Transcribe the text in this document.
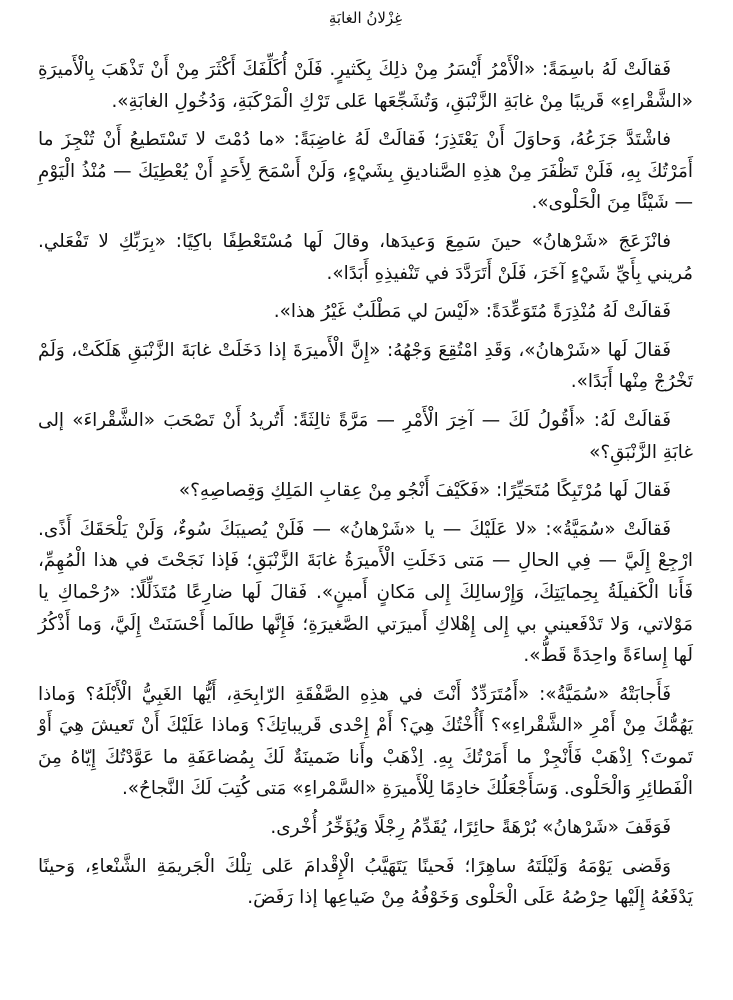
غِزْلانُ الغابَةِ

فَقالَتْ لَهُ باسِمَةً: «الْأَمْرُ أَيْسَرُ مِنْ ذلِكَ بِكَثيرٍ. فَلَنْ أُكَلِّفَكَ أَكْثَرَ مِنْ أَنْ تَذْهَبَ بِالْأَميرَةِ «الشَّقْراءِ» قَريبًا مِنْ غابَةِ الزَّنْبَقِ، وَتُشَجِّعَها عَلى تَرْكِ الْمَرْكَبَةِ، وَدُخُولِ الغابَةِ».

فاشْتَدَّ جَزَعُهُ، وَحاوَلَ أَنْ يَعْتَذِرَ؛ فَقالَتْ لَهُ غاضِبَةً: «ما دُمْتَ لا تَسْتَطيعُ أَنْ تُنْجِزَ ما أَمَرْتُكَ بِهِ، فَلَنْ تَظْفَرَ مِنْ هذِهِ الصَّناديقِ بِشَيْءٍ، وَلَنْ أَسْمَحَ لِأَحَدٍ أَنْ يُعْطِيَكَ — مُنْذُ الْيَوْمِ — شَيْئًا مِنَ الْحَلْوى».

فانْزَعَجَ «شَرْهانُ» حينَ سَمِعَ وَعيدَها، وقالَ لَها مُسْتَعْطِفًا باكِيًا: «بِرَبِّكِ لا تَفْعَلي. مُريني بِأَيِّ شَيْءٍ آخَرَ، فَلَنْ أَتَرَدَّدَ في تَنْفيذِهِ أَبَدًا».

فَقالَتْ لَهُ مُنْذِرَةً مُتَوَعِّدَةً: «لَيْسَ لي مَطْلَبٌ غَيْرُ هذا».

فَقالَ لَها «شَرْهانُ»، وَقَدِ امْتُقِعَ وَجْهُهُ: «إِنَّ الْأَميرَةَ إذا دَخَلَتْ غابَةَ الزَّنْبَقِ هَلَكَتْ، وَلَمْ تَخْرُجْ مِنْها أَبَدًا».

فَقالَتْ لَهُ: «أَقُولُ لَكَ — آخِرَ الْأَمْرِ — مَرَّةً ثالِثَةً: أَتُريدُ أَنْ تَصْحَبَ «الشَّقْراءَ» إلى غابَةِ الزَّنْبَقِ؟»

فَقالَ لَها مُرْتَبِكًا مُتَحَيِّرًا: «فَكَيْفَ أَنْجُو مِنْ عِقابِ المَلِكِ وَقِصاصِهِ؟»

فَقالَتْ «سُمَيَّةُ»: «لا عَلَيْكَ — يا «شَرْهانُ» — فَلَنْ يُصيبَكَ سُوءٌ، وَلَنْ يَلْحَقَكَ أَذًى. ارْجِعْ إِلَيَّ — فِي الحالِ — مَتى دَخَلَتِ الْأَميرَةُ غابَةَ الزَّنْبَقِ؛ فَإذا نَجَحْتَ في هذا الْمُهِمِّ، فَأَنا الْكَفيلَةُ بِحِمايَتِكَ، وَإِرْسالِكَ إِلى مَكانٍ أَمينٍ». فَقالَ لَها ضارِعًا مُتَذَلِّلًا: «رُحْماكِ يا مَوْلاتي، وَلا تَدْفَعيني بي إِلى إِهْلاكِ أَميرَتي الصَّغيرَةِ؛ فَإِنَّها طالَما أَحْسَنَتْ إِلَيَّ، وَما أَذْكُرُ لَها إِساءَةً واحِدَةً قَطُّ».

فَأَجابَتْهُ «سُمَيَّةُ»: «أَمُتَرَدِّدٌ أَنْتَ في هذِهِ الصَّفْقَةِ الرّابِحَةِ، أَيُّها الغَبِيُّ الْأَبْلَهُ؟ وَماذا يَهُمُّكَ مِنْ أَمْرِ «الشَّقْراءِ»؟ أَأُخْتُكَ هِيَ؟ أَمْ إِحْدى قَريباتِكَ؟ وَماذا عَلَيْكَ أَنْ تَعيشَ هِيَ أَوْ تَموتَ؟ اِذْهَبْ فَأَنْجِزْ ما أَمَرْتُكَ بِهِ. اِذْهَبْ وأَنا ضَمينَةٌ لَكَ بِمُضاعَفَةِ ما عَوَّدْتُكَ إِيّاهُ مِنَ الْفَطائِرِ وَالْحَلْوى. وَسَأَجْعَلُكَ خادِمًا لِلْأَميرَةِ «السَّمْراءِ» مَتى كُتِبَ لَكَ النَّجاحُ».

فَوَقَفَ «شَرْهانُ» بُرْهَةً حائِرًا، يُقَدِّمُ رِجْلًا وَيُؤَخِّرُ أُخْرى.

وَقَضى يَوْمَهُ وَلَيْلَتَهُ ساهِرًا؛ فَحينًا يَتَهَيَّبُ الْإِقْدامَ عَلى تِلْكَ الْجَريمَةِ الشَّنْعاءِ، وَحينًا يَدْفَعُهُ إِلَيْها حِرْصُهُ عَلَى الْحَلْوى وَخَوْفُهُ مِنْ ضَياعِها إذا رَفَضَ.
